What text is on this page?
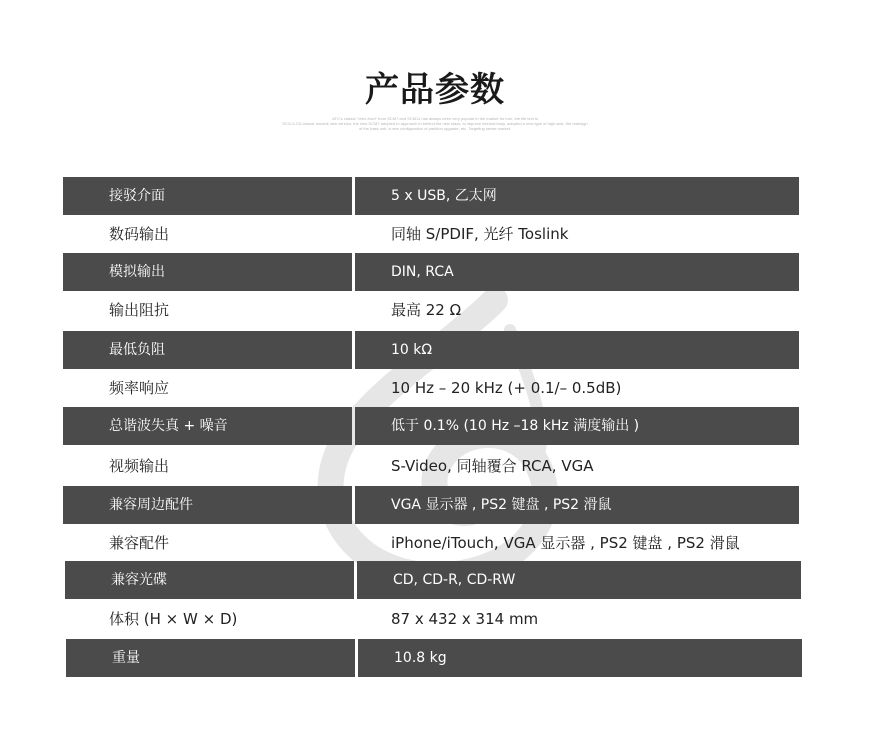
产品参数
ATC's classic "retro front" from SCM7 and SCM11 has always been very popular in the market for turn, the life text is
SCG-5.CD classic models new version, the new SCM7 adopted to approach in behind the new stack, to improve internal body, adopted a new type of high sink, the redesign
of the bass unit, a new configuration of partition upgrade, etc. Targeting sense market.
接驳介面	5 x USB, 乙太网
数码输出	同轴 S/PDIF, 光纤 Toslink
模拟输出	DIN, RCA
输出阻抗	最高 22 Ω
最低负阻	10 kΩ
频率响应	10 Hz – 20 kHz (+ 0.1/– 0.5dB)
总谐波失真 + 噪音	低于 0.1% (10 Hz –18 kHz 满度输出 )
视频输出	S-Video, 同轴覆合 RCA, VGA
兼容周边配件	VGA 显示器 , PS2 键盘 , PS2 滑鼠
兼容配件	iPhone/iTouch, VGA 显示器 , PS2 键盘 , PS2 滑鼠
兼容光碟	CD, CD-R, CD-RW
体积 (H × W × D)	87 x 432 x 314 mm
重量	10.8 kg
